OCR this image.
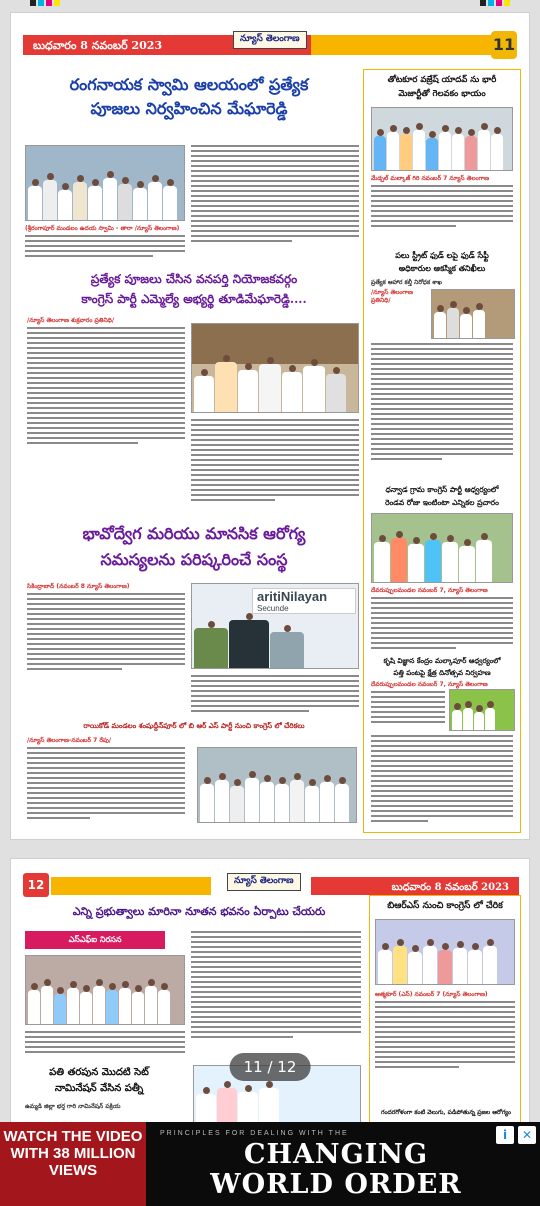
బుధవారం 8 నవంబర్ 2023	న్యూస్ తెలంగాణ	11
రంగనాయక స్వామి ఆలయంలో ప్రత్యేక
పూజలు నిర్వహించిన మేఘారెడ్డి
(శ్రీరంగాపూర్ మండలం ఉదయ స్వామి - తారా /న్యూస్ తెలంగాణ)
ప్రత్యేక పూజలు చేసిన వనపర్తి నియోజకవర్గం
కాంగ్రెస్ పార్టీ ఎమ్మెల్యే అభ్యర్థి తూడిమేఘారెడ్డి....
/న్యూస్ తెలంగాణ శుక్రవారం ప్రతినిధి/
భావోద్వేగ మరియు మానసిక ఆరోగ్య
సమస్యలను పరిష్కరించే సంస్థ
సికింద్రాబాద్ (నవంబర్ 8 న్యూస్ తెలంగాణ)
aritiNilayan
Secunde
రాయికోడ్ మండలం శంషుద్దీన్‌పూర్ లో బి ఆర్ ఎస్ పార్టీ నుంచి కాంగ్రెస్ లో చేరికలు
/న్యూస్ తెలంగాణ-నవంబర్ 7 రేపు/
తోటకూర వజ్రేష్ యాదవ్ ను భారీ
మెజార్టీతో గెలవకం భాయం
మేడ్చల్ మల్కాజ్ గిరి నవంబర్ 7 న్యూస్ తెలంగాణ
పలు స్ట్రీట్ ఫుడ్ లపై ఫుడ్ సేఫ్టీ
అధికారుల ఆకస్మిక తనిఖీలు
ప్రత్యేక ఆహార కల్తీ నిరోధక శాఖ
/న్యూస్ తెలంగాణ ప్రతినిధి/
ధన్వాడ గ్రామ కాంగ్రెస్ పార్టీ ఆధ్వర్యంలో
రెండవ రోజు ఇంటింటా ఎన్నికల ప్రచారం
దేవరుప్పులమండల నవంబర్ 7, న్యూస్ తెలంగాణ
కృషి విజ్ఞాన కేంద్రం మల్కాపూర్ ఆధ్వర్యంలో
పత్తి పంటపై క్షేత్ర దినోత్సవ నిర్వహణ
దేవరుప్పులమండల నవంబర్ 7, న్యూస్ తెలంగాణ
12	న్యూస్ తెలంగాణ
బుధవారం 8 నవంబర్ 2023
ఎన్ని ప్రభుత్వాలు మారినా నూతన భవనం ఏర్పాటు చేయరు
ఎస్ఎఫ్ఐ నిరసన
పతి తరపున మొదటి సెట్
నామినేషన్ వేసిన పత్నీ
ఉమ్మడి జిల్లా భర్త గారి నామినేషన్ పక్రియ
బిఆర్ఎస్ నుంచి కాంగ్రెస్ లో చేరిక
ఆత్మకూర్ (ఎస్) నవంబర్ 7 (న్యూస్ తెలంగాణ)
గందరగోళంగా కంటి వెలుగు, పడిపోతున్న ప్రజల ఆరోగ్యం
11 / 12
WATCH THE VIDEO WITH 38 MILLION VIEWS
PRINCIPLES FOR DEALING WITH THE
CHANGING
WORLD ORDER
i	✕
